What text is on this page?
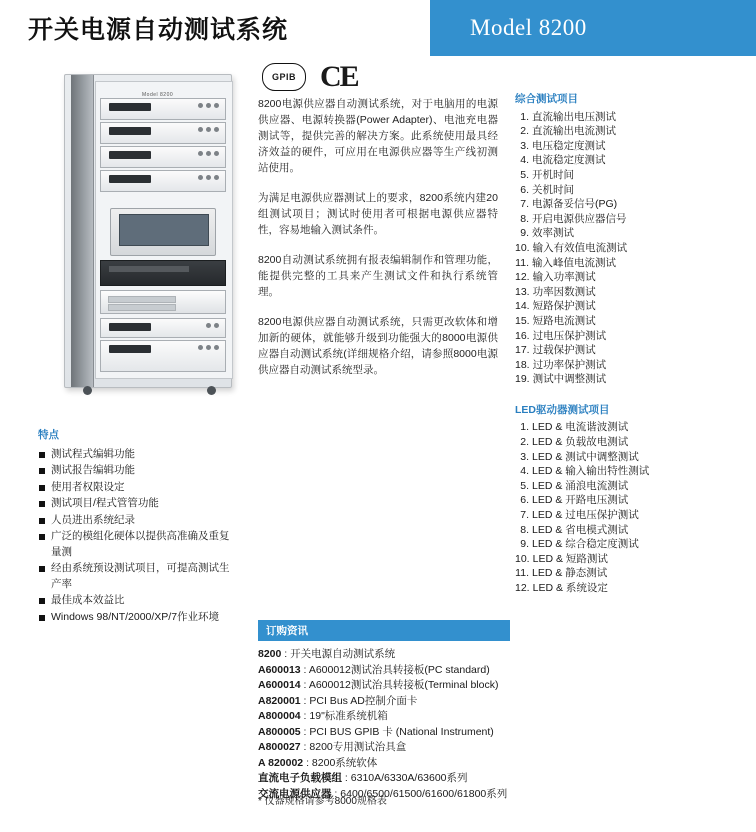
开关电源自动测试系统	Model 8200
Model 8200
GPIB CE

8200电源供应器自动测试系统，对于电脑用的电源供应器、电源转换器(Power Adapter)、电池充电器测试等，提供完善的解决方案。此系统使用最具经济效益的硬件，可应用在电源供应器等生产线初测站使用。

为满足电源供应器测试上的要求，8200系统内建20组测试项目；测试时使用者可根据电源供应器特性，容易地输入测试条件。

8200自动测试系统拥有报表编辑制作和管理功能，能提供完整的工具来产生测试文件和执行系统管理。

8200电源供应器自动测试系统，只需更改软体和增加新的硬体，就能够升级到功能强大的8000电源供应器自动测试系统(详细规格介绍，请参照8000电源供应器自动测试系统型录。

综合测试项目
1. 直流输出电压测试
2. 直流输出电流测试
3. 电压稳定度测试
4. 电流稳定度测试
5. 开机时间
6. 关机时间
7. 电源备妥信号(PG)
8. 开启电源供应器信号
9. 效率测试
10. 输入有效值电流测试
11. 输入峰值电流测试
12. 输入功率测试
13. 功率因数测试
14. 短路保护测试
15. 短路电流测试
16. 过电压保护测试
17. 过载保护测试
18. 过功率保护测试
19. 测试中调整测试
LED驱动器测试项目
1. LED & 电流谐波测试
2. LED & 负载故电测试
3. LED & 测试中调整测试
4. LED & 输入输出特性测试
5. LED & 涌浪电流测试
6. LED & 开路电压测试
7. LED & 过电压保护测试
8. LED & 省电模式测试
9. LED & 综合稳定度测试
10. LED & 短路测试
11. LED & 静态测试
12. LED & 系统设定
特点
测试程式编辑功能
测试报告编辑功能
使用者权限设定
测试项目/程式管管功能
人员进出系统纪录
广泛的模组化硬体以提供高准确及重复量测
经由系统预设测试项目，可提高测试生产率
最佳成本效益比
Windows 98/NT/2000/XP/7作业环境
订购资讯
8200 : 开关电源自动测试系统
A600013 : A600012测试治具转接板(PC standard)
A600014 : A600012测试治具转接板(Terminal block)
A820001 : PCI Bus AD控制介面卡
A800004 : 19"标准系统机箱
A800005 : PCI BUS GPIB 卡 (National Instrument)
A800027 : 8200专用测试治具盒
A 820002 : 8200系统软体
直流电子负载模组 : 6310A/6330A/63600系列
交流电源供应器 : 6400/6500/61500/61600/61800系列
* 仪器规格请参考8000规格表
